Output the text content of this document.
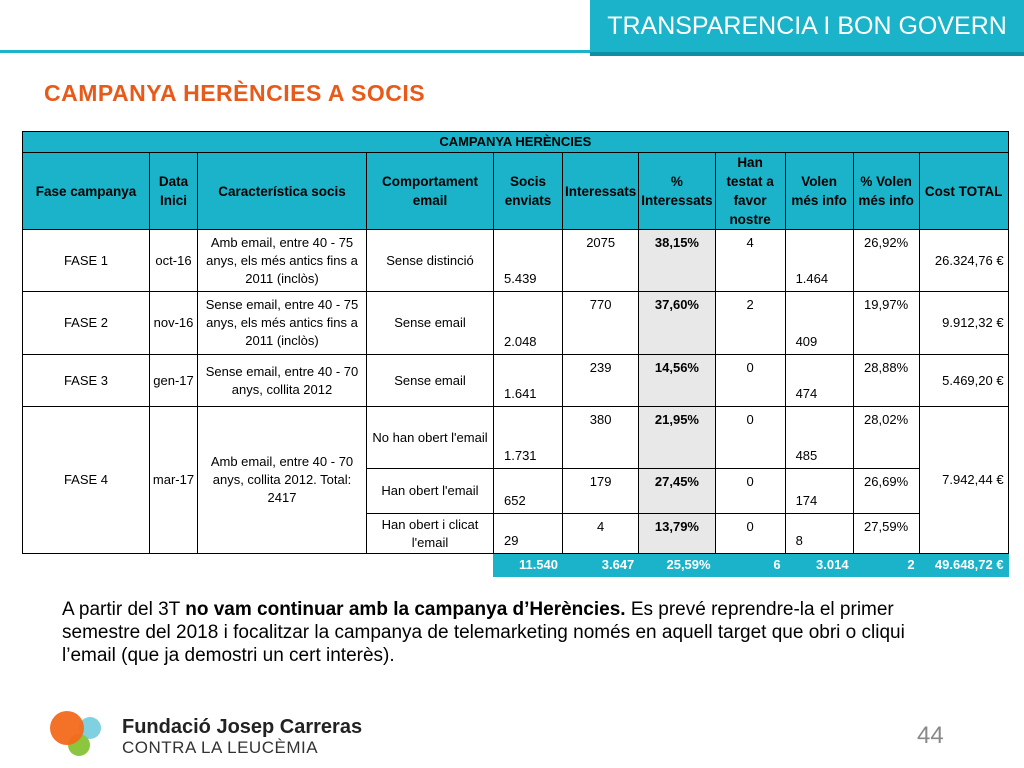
TRANSPARENCIA I BON GOVERN
CAMPANYA HERÈNCIES A SOCIS
CAMPANYA HERÈNCIES										
Fase campanya	Data Inici	Característica socis	Comportament email	Socis enviats	Interessats	% Interessats	Han testat a favor nostre	Volen més info	% Volen més info	Cost TOTAL
FASE 1	oct-16	Amb email, entre 40 - 75 anys, els més antics fins a 2011 (inclòs)	Sense distinció	5.439	2075	38,15%	4	1.464	26,92%	26.324,76 €
FASE 2	nov-16	Sense email, entre 40 - 75 anys, els més antics fins a 2011 (inclòs)	Sense email	2.048	770	37,60%	2	409	19,97%	9.912,32 €
FASE 3	gen-17	Sense email, entre 40 - 70 anys, collita 2012	Sense email	1.641	239	14,56%	0	474	28,88%	5.469,20 €
FASE 4	mar-17	Amb email, entre 40 - 70 anys, collita 2012. Total: 2417	No han obert l'email	1.731	380	21,95%	0	485	28,02%	7.942,44 €
			Han obert l'email	652	179	27,45%	0	174	26,69%	
			Han obert i clicat l'email	29	4	13,79%	0	8	27,59%	
				11.540	3.647	25,59%	6	3.014	2	49.648,72 €
A partir del 3T no vam continuar amb la campanya d’Herències. Es prevé reprendre-la el primer semestre del 2018 i focalitzar la campanya de telemarketing només en aquell target que obri o cliqui l’email (que ja demostri un cert interès).
Fundació Josep Carreras
CONTRA LA LEUCÈMIA	44
